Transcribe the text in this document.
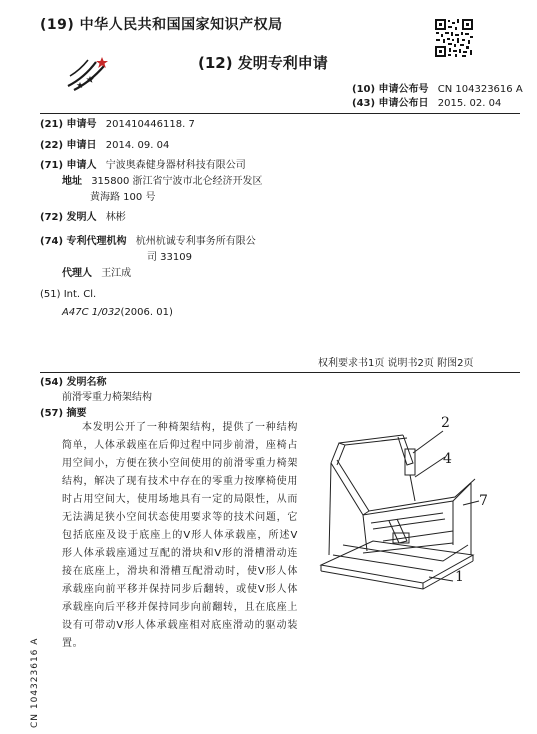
(19) 中华人民共和国国家知识产权局
(12) 发明专利申请
(10) 申请公布号 CN 104323616 A
(43) 申请公布日 2015. 02. 04
(21) 申请号 201410446118. 7
(22) 申请日 2014. 09. 04
(71) 申请人 宁波奥森健身器材科技有限公司
地址 315800 浙江省宁波市北仑经济开发区
黄海路 100 号
(72) 发明人 林彬
(74) 专利代理机构 杭州杭诚专利事务所有限公
司 33109
代理人 王江成
(51) Int. Cl.
A47C 1/032(2006. 01)
权利要求书1页 说明书2页 附图2页
(54) 发明名称
前滑零重力椅架结构
(57) 摘要
本发明公开了一种椅架结构，提供了一种结构简单，人体承载座在后仰过程中同步前滑，座椅占用空间小，方便在狭小空间使用的前滑零重力椅架结构，解决了现有技术中存在的零重力按摩椅使用时占用空间大，使用场地具有一定的局限性，从而无法满足狭小空间状态使用要求等的技术问题，它包括底座及设于底座上的V形人体承载座，所述V形人体承载座通过互配的滑块和V形的滑槽滑动连接在底座上，滑块和滑槽互配滑动时，使V形人体承载座向前平移并保持同步后翻转，或使V形人体承载座向后平移并保持同步向前翻转，且在底座上设有可带动V形人体承载座相对底座滑动的驱动装置。
2
4
7
1
CN 104323616 A
